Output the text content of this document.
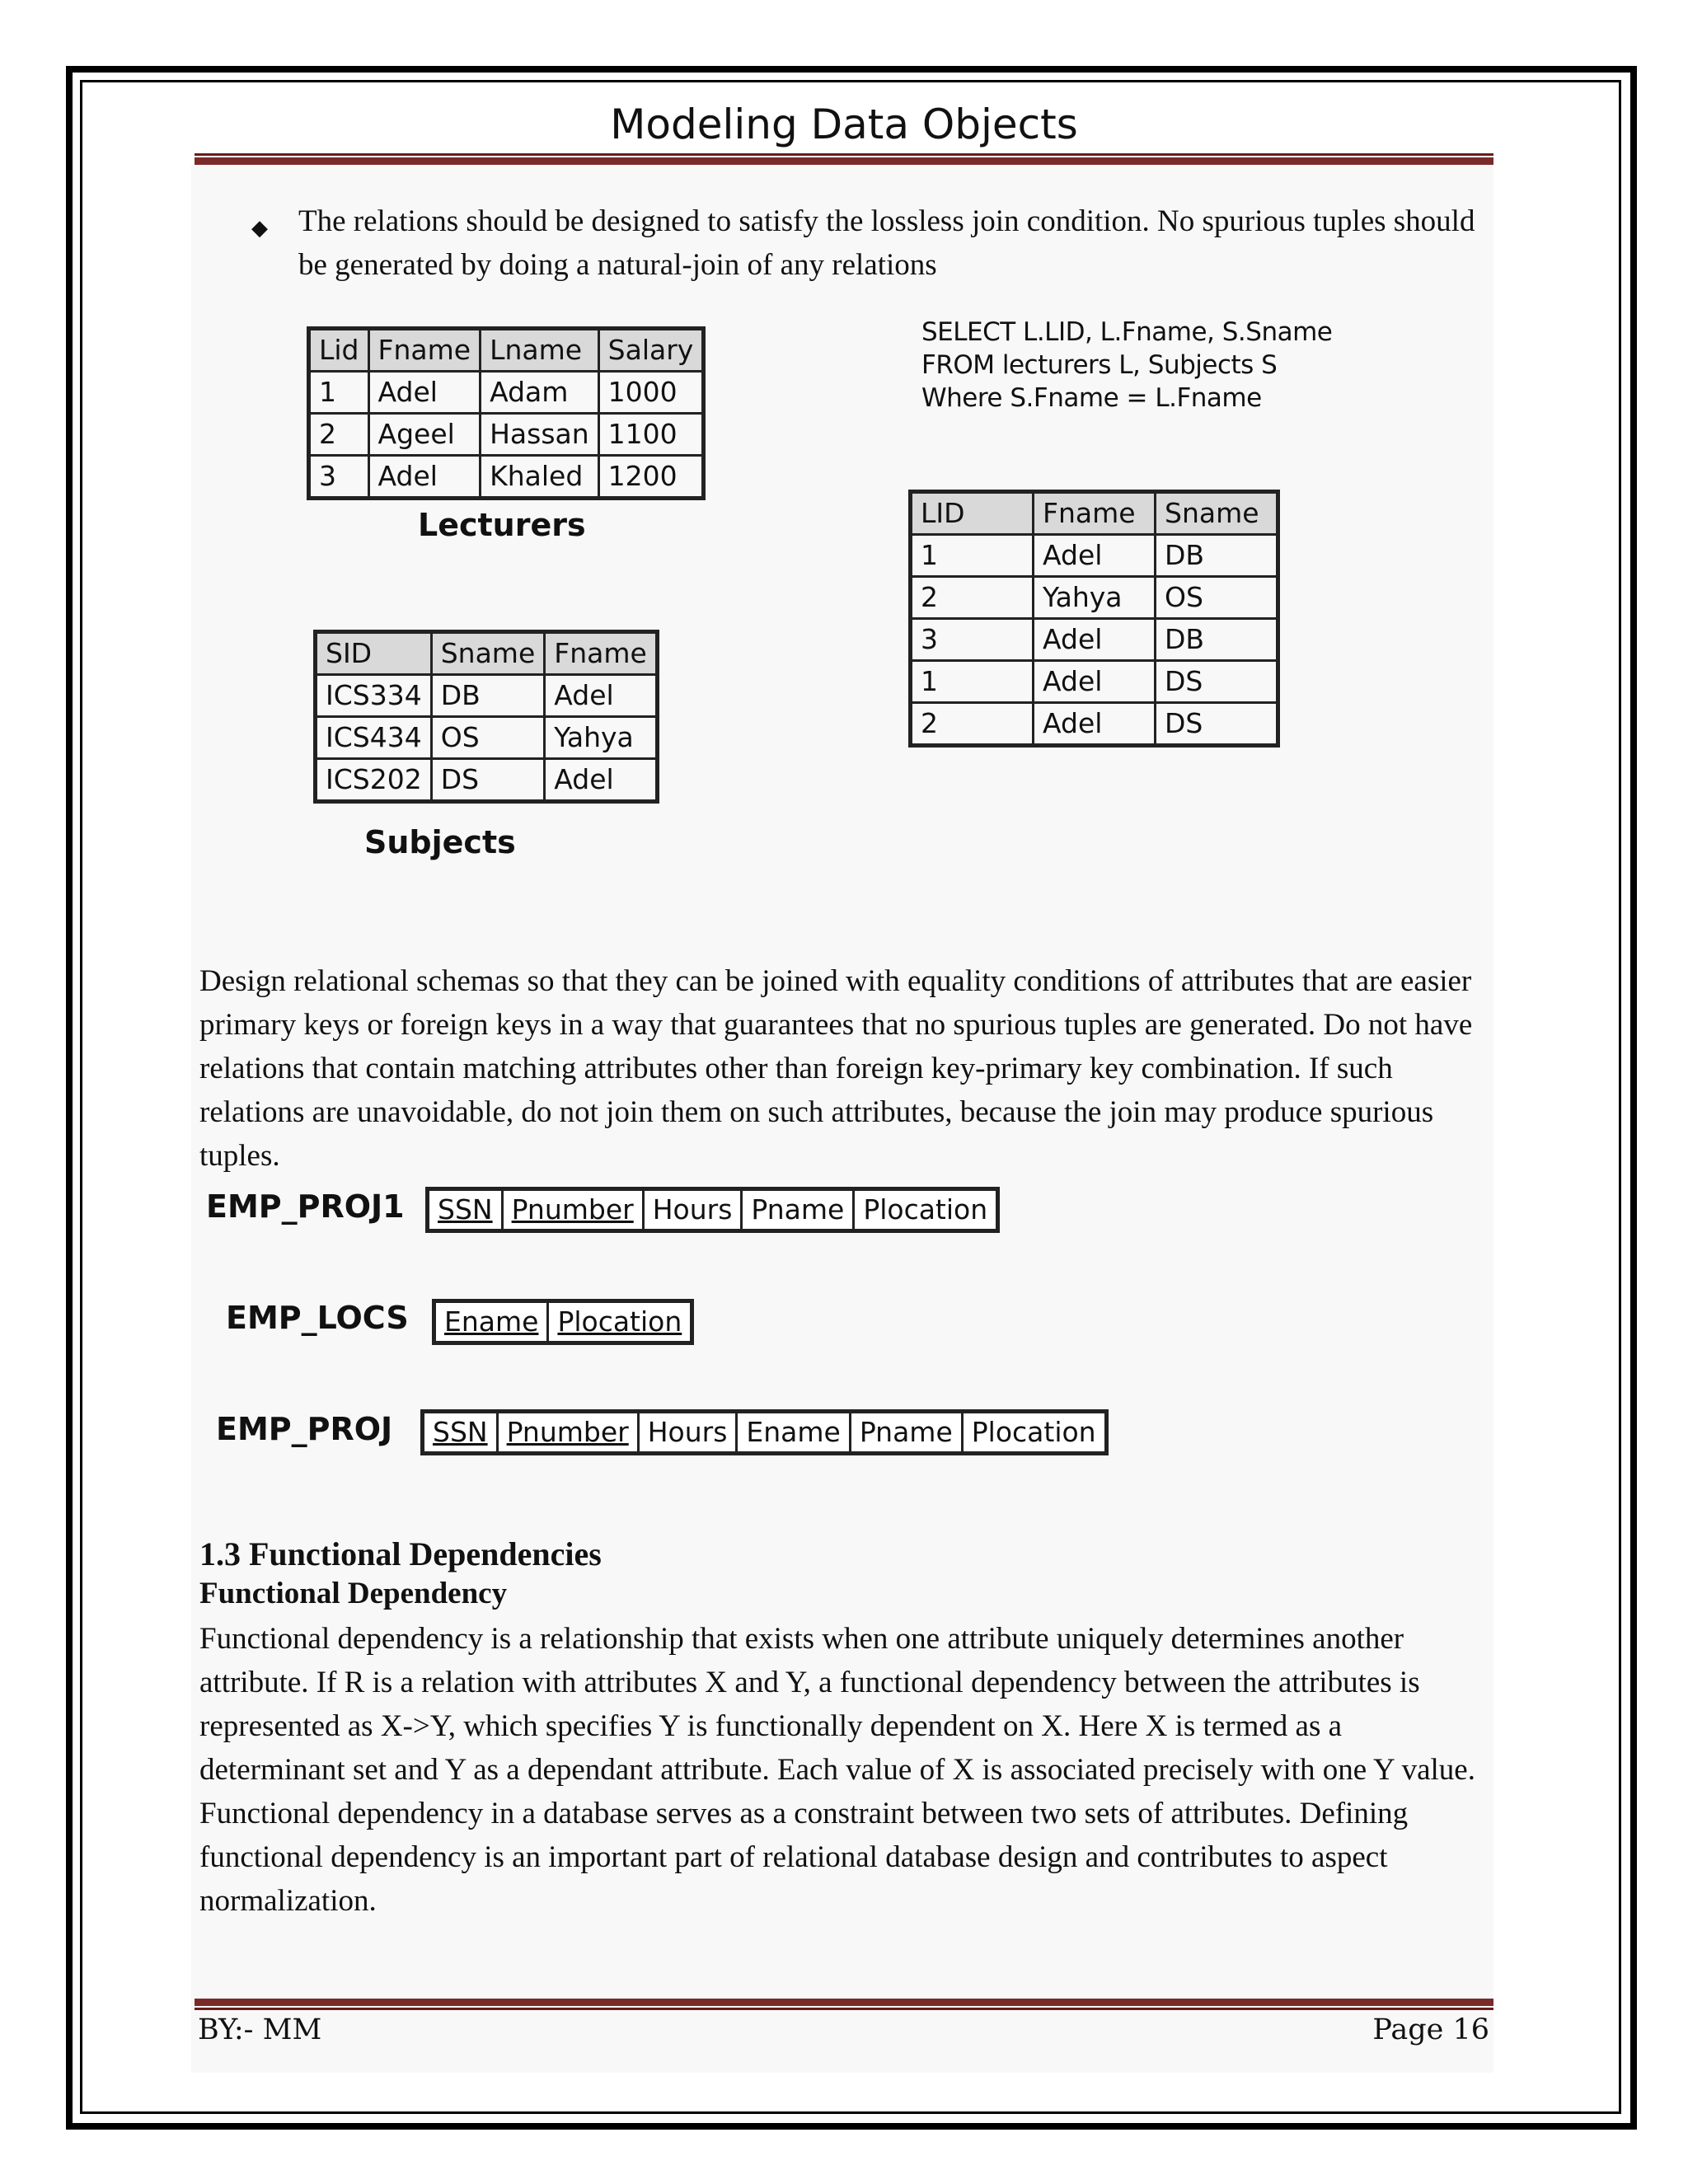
Modeling Data Objects
◆ The relations should be designed to satisfy the lossless join condition. No spurious tuples should be generated by doing a natural-join of any relations
Lid	Fname	Lname	Salary
1	Adel	Adam	1000
2	Ageel	Hassan	1100
3	Adel	Khaled	1200
Lecturers
SID	Sname	Fname
ICS334	DB	Adel
ICS434	OS	Yahya
ICS202	DS	Adel
Subjects
SELECT L.LID, L.Fname, S.Sname
FROM lecturers L, Subjects S
Where S.Fname = L.Fname
LID	Fname	Sname
1	Adel	DB
2	Yahya	OS
3	Adel	DB
1	Adel	DS
2	Adel	DS
Design relational schemas so that they can be joined with equality conditions of attributes that are easier primary keys or foreign keys in a way that guarantees that no spurious tuples are generated. Do not have relations that contain matching attributes other than foreign key-primary key combination. If such relations are unavoidable, do not join them on such attributes, because the join may produce spurious tuples.
EMP_PROJ1 SSN	Pnumber	Hours	Pname	Plocation
EMP_LOCS Ename	Plocation
EMP_PROJ SSN	Pnumber	Hours	Ename	Pname	Plocation
1.3 Functional Dependencies
Functional Dependency
Functional dependency is a relationship that exists when one attribute uniquely determines another attribute. If R is a relation with attributes X and Y, a functional dependency between the attributes is represented as X->Y, which specifies Y is functionally dependent on X. Here X is termed as a determinant set and Y as a dependant attribute. Each value of X is associated precisely with one Y value. Functional dependency in a database serves as a constraint between two sets of attributes. Defining functional dependency is an important part of relational database design and contributes to aspect normalization.
BY:- MM	Page 16
